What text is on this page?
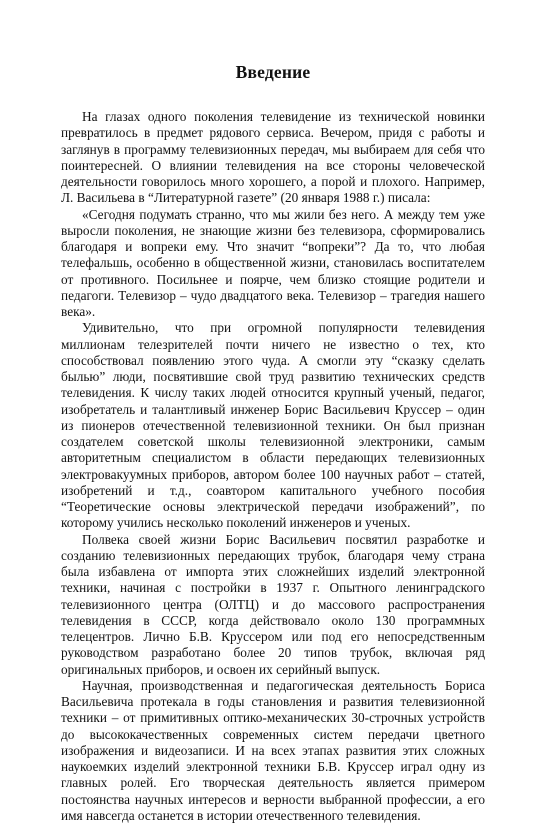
Введение

На глазах одного поколения телевидение из технической новинки превратилось в предмет рядового сервиса. Вечером, придя с работы и заглянув в программу телевизионных передач, мы выбираем для себя что поинтересней. О влиянии телевидения на все стороны человеческой деятельности говорилось много хорошего, а порой и плохого. Например, Л. Васильева в “Литературной газете” (20 января 1988 г.) писала:

«Сегодня подумать странно, что мы жили без него. А между тем уже выросли поколения, не знающие жизни без телевизора, сформировались благодаря и вопреки ему. Что значит “вопреки”? Да то, что любая телефальшь, особенно в общественной жизни, становилась воспитателем от противного. Посильнее и поярче, чем близко стоящие родители и педагоги. Телевизор – чудо двадцатого века. Телевизор – трагедия нашего века».

Удивительно, что при огромной популярности телевидения миллионам телезрителей почти ничего не известно о тех, кто способствовал появлению этого чуда. А смогли эту “сказку сделать былью” люди, посвятившие свой труд развитию технических средств телевидения. К числу таких людей относится крупный ученый, педагог, изобретатель и талантливый инженер Борис Васильевич Круссер – один из пионеров отечественной телевизионной техники. Он был признан создателем советской школы телевизионной электроники, самым авторитетным специалистом в области передающих телевизионных электровакуумных приборов, автором более 100 научных работ – статей, изобретений и т.д., соавтором капитального учебного пособия “Теоретические основы электрической передачи изображений”, по которому учились несколько поколений инженеров и ученых.

Полвека своей жизни Борис Васильевич посвятил разработке и созданию телевизионных передающих трубок, благодаря чему страна была избавлена от импорта этих сложнейших изделий электронной техники, начиная с постройки в 1937 г. Опытного ленинградского телевизионного центра (ОЛТЦ) и до массового распространения телевидения в СССР, когда действовало около 130 программных телецентров. Лично Б.В. Круссером или под его непосредственным руководством разработано более 20 типов трубок, включая ряд оригинальных приборов, и освоен их серийный выпуск.

Научная, производственная и педагогическая деятельность Бориса Васильевича протекала в годы становления и развития телевизионной техники – от примитивных оптико-механических 30-строчных устройств до высококачественных современных систем передачи цветного изображения и видеозаписи. И на всех этапах развития этих сложных наукоемких изделий электронной техники Б.В. Круссер играл одну из главных ролей. Его творческая деятельность является примером постоянства научных интересов и верности выбранной профессии, а его имя навсегда останется в истории отечественного телевидения.
